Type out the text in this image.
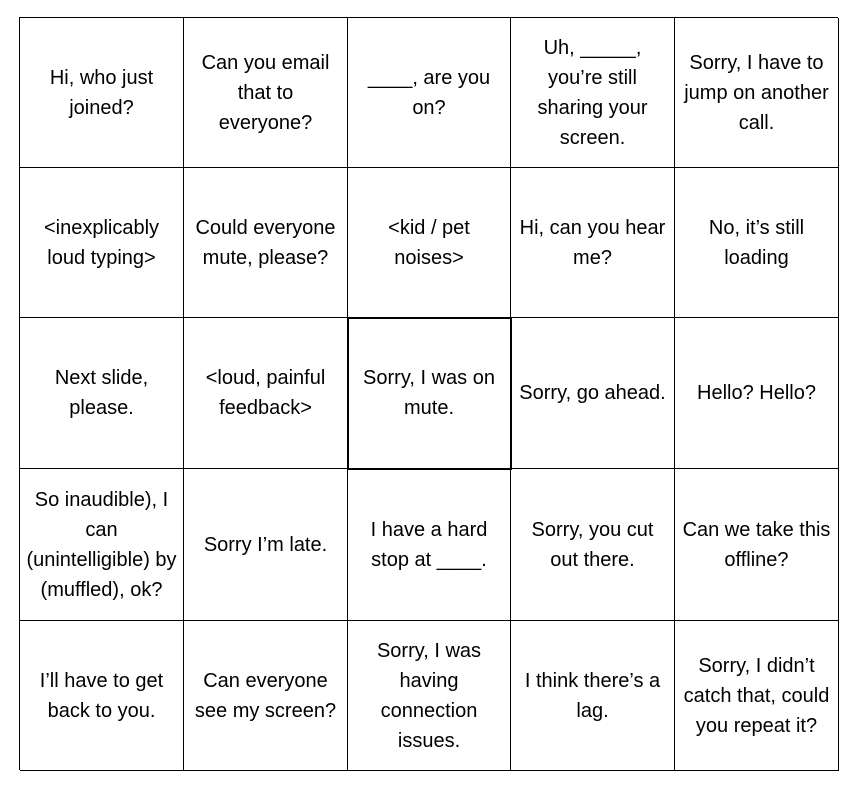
Hi, who just joined?
Can you email that to everyone?
____, are you on?
Uh, _____, you’re still sharing your screen.
Sorry, I have to jump on another call.
<inexplicably loud typing>
Could everyone mute, please?
<kid / pet noises>
Hi, can you hear me?
No, it’s still loading
Next slide, please.
<loud, painful feedback>
Sorry, I was on mute.
Sorry, go ahead.	Hello? Hello?
So inaudible), I can (unintelligible) by (muffled), ok?
Sorry I’m late.
I have a hard stop at ____.
Sorry, you cut out there.
Can we take this offline?
I’ll have to get back to you.
Can everyone see my screen?
Sorry, I was having connection issues.
I think there’s a lag.
Sorry, I didn’t catch that, could you repeat it?
